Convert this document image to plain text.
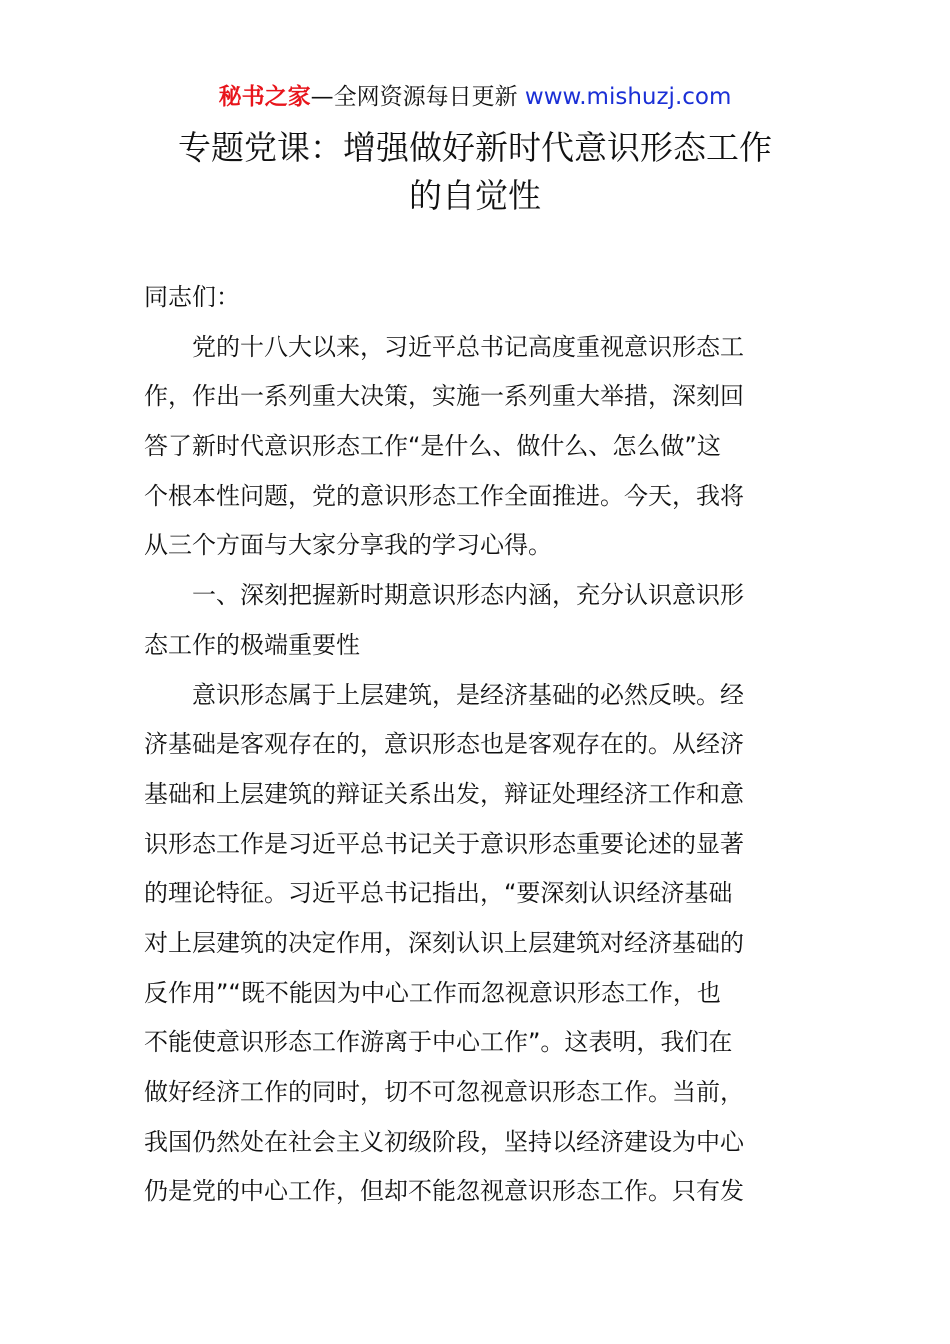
秘书之家—全网资源每日更新 www.mishuzj.com
专题党课：增强做好新时代意识形态工作
的自觉性
同志们：
党的十八大以来，习近平总书记高度重视意识形态工
作，作出一系列重大决策，实施一系列重大举措，深刻回
答了新时代意识形态工作“是什么、做什么、怎么做”这
个根本性问题，党的意识形态工作全面推进。今天，我将
从三个方面与大家分享我的学习心得。
一、深刻把握新时期意识形态内涵，充分认识意识形
态工作的极端重要性
意识形态属于上层建筑，是经济基础的必然反映。经
济基础是客观存在的，意识形态也是客观存在的。从经济
基础和上层建筑的辩证关系出发，辩证处理经济工作和意
识形态工作是习近平总书记关于意识形态重要论述的显著
的理论特征。习近平总书记指出，“要深刻认识经济基础
对上层建筑的决定作用，深刻认识上层建筑对经济基础的
反作用”“既不能因为中心工作而忽视意识形态工作，也
不能使意识形态工作游离于中心工作”。这表明，我们在
做好经济工作的同时，切不可忽视意识形态工作。当前，
我国仍然处在社会主义初级阶段，坚持以经济建设为中心
仍是党的中心工作，但却不能忽视意识形态工作。只有发
